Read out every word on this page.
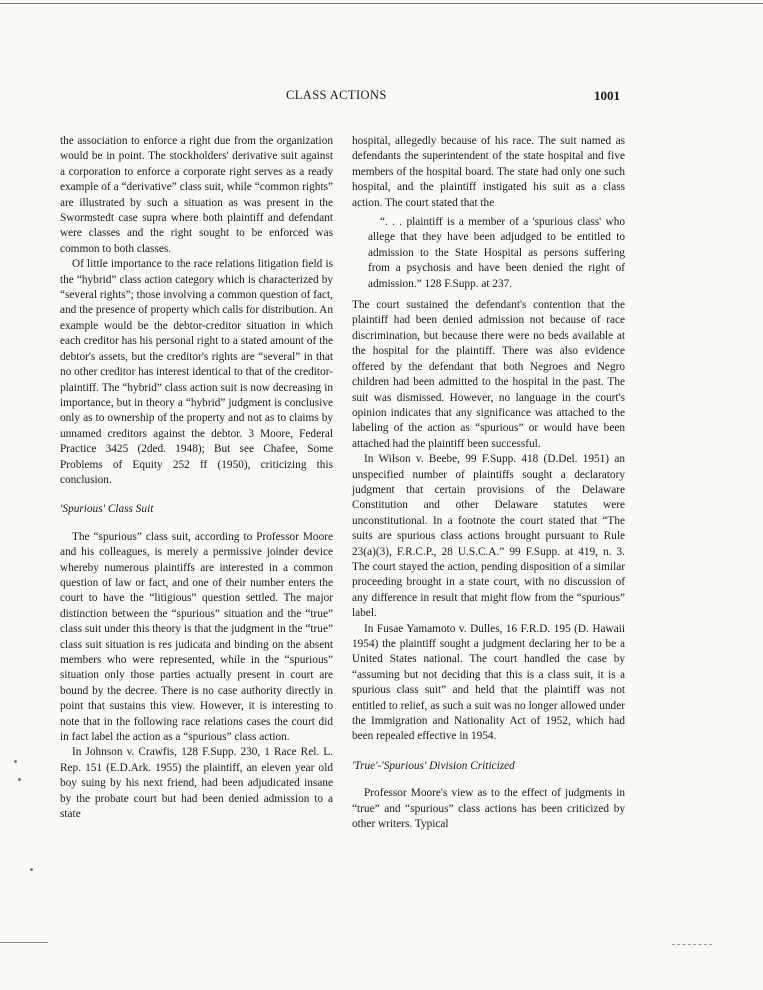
CLASS ACTIONS	1001

the association to enforce a right due from the organization would be in point. The stockholders' derivative suit against a corporation to enforce a corporate right serves as a ready example of a “derivative” class suit, while “common rights” are illustrated by such a situation as was present in the Swormstedt case supra where both plaintiff and defendant were classes and the right sought to be enforced was common to both classes.

Of little importance to the race relations litigation field is the “hybrid” class action category which is characterized by “several rights”; those involving a common question of fact, and the presence of property which calls for distribution. An example would be the debtor-creditor situation in which each creditor has his personal right to a stated amount of the debtor's assets, but the creditor's rights are “several” in that no other creditor has interest identical to that of the creditor-plaintiff. The “hybrid” class action suit is now decreasing in importance, but in theory a “hybrid” judgment is conclusive only as to ownership of the property and not as to claims by unnamed creditors against the debtor. 3 Moore, Federal Practice 3425 (2ded. 1948); But see Chafee, Some Problems of Equity 252 ff (1950), criticizing this conclusion.

'Spurious' Class Suit

The “spurious” class suit, according to Professor Moore and his colleagues, is merely a permissive joinder device whereby numerous plaintiffs are interested in a common question of law or fact, and one of their number enters the court to have the “litigious” question settled. The major distinction between the “spurious” situation and the “true” class suit under this theory is that the judgment in the “true” class suit situation is res judicata and binding on the absent members who were represented, while in the “spurious” situation only those parties actually present in court are bound by the decree. There is no case authority directly in point that sustains this view. However, it is interesting to note that in the following race relations cases the court did in fact label the action as a “spurious” class action.

In Johnson v. Crawfis, 128 F.Supp. 230, 1 Race Rel. L. Rep. 151 (E.D.Ark. 1955) the plaintiff, an eleven year old boy suing by his next friend, had been adjudicated insane by the probate court but had been denied admission to a state

hospital, allegedly because of his race. The suit named as defendants the superintendent of the state hospital and five members of the hospital board. The state had only one such hospital, and the plaintiff instigated his suit as a class action. The court stated that the

“. . . plaintiff is a member of a 'spurious class' who allege that they have been adjudged to be entitled to admission to the State Hospital as persons suffering from a psychosis and have been denied the right of admission.” 128 F.Supp. at 237.

The court sustained the defendant's contention that the plaintiff had been denied admission not because of race discrimination, but because there were no beds available at the hospital for the plaintiff. There was also evidence offered by the defendant that both Negroes and Negro children had been admitted to the hospital in the past. The suit was dismissed. However, no language in the court's opinion indicates that any significance was attached to the labeling of the action as “spurious” or would have been attached had the plaintiff been successful.

In Wilson v. Beebe, 99 F.Supp. 418 (D.Del. 1951) an unspecified number of plaintiffs sought a declaratory judgment that certain provisions of the Delaware Constitution and other Delaware statutes were unconstitutional. In a footnote the court stated that “The suits are spurious class actions brought pursuant to Rule 23(a)(3), F.R.C.P., 28 U.S.C.A.” 99 F.Supp. at 419, n. 3. The court stayed the action, pending disposition of a similar proceeding brought in a state court, with no discussion of any difference in result that might flow from the “spurious” label.

In Fusae Yamamoto v. Dulles, 16 F.R.D. 195 (D. Hawaii 1954) the plaintiff sought a judgment declaring her to be a United States national. The court handled the case by “assuming but not deciding that this is a class suit, it is a spurious class suit” and held that the plaintiff was not entitled to relief, as such a suit was no longer allowed under the Immigration and Nationality Act of 1952, which had been repealed effective in 1954.

'True'-'Spurious' Division Criticized

Professor Moore's view as to the effect of judgments in “true” and “spurious” class actions has been criticized by other writers. Typical
